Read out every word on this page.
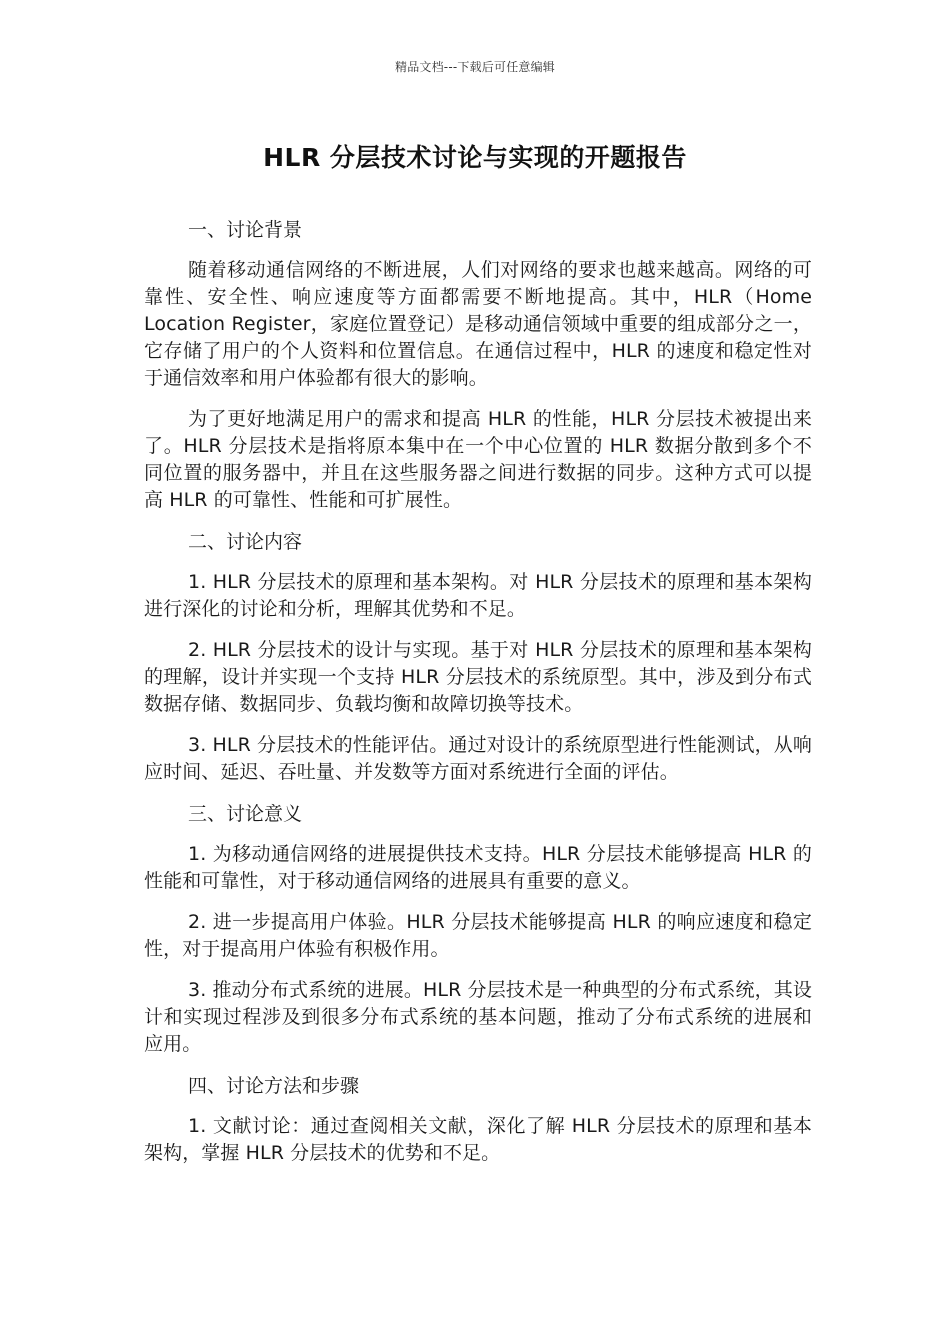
精品文档---下载后可任意编辑
HLR 分层技术讨论与实现的开题报告

一、讨论背景

随着移动通信网络的不断进展，人们对网络的要求也越来越高。网络的可靠性、安全性、响应速度等方面都需要不断地提高。其中，HLR（Home Location Register，家庭位置登记）是移动通信领域中重要的组成部分之一，它存储了用户的个人资料和位置信息。在通信过程中，HLR 的速度和稳定性对于通信效率和用户体验都有很大的影响。

为了更好地满足用户的需求和提高 HLR 的性能，HLR 分层技术被提出来了。HLR 分层技术是指将原本集中在一个中心位置的 HLR 数据分散到多个不同位置的服务器中，并且在这些服务器之间进行数据的同步。这种方式可以提高 HLR 的可靠性、性能和可扩展性。

二、讨论内容

1. HLR 分层技术的原理和基本架构。对 HLR 分层技术的原理和基本架构进行深化的讨论和分析，理解其优势和不足。

2. HLR 分层技术的设计与实现。基于对 HLR 分层技术的原理和基本架构的理解，设计并实现一个支持 HLR 分层技术的系统原型。其中，涉及到分布式数据存储、数据同步、负载均衡和故障切换等技术。

3. HLR 分层技术的性能评估。通过对设计的系统原型进行性能测试，从响应时间、延迟、吞吐量、并发数等方面对系统进行全面的评估。

三、讨论意义

1. 为移动通信网络的进展提供技术支持。HLR 分层技术能够提高 HLR 的性能和可靠性，对于移动通信网络的进展具有重要的意义。

2. 进一步提高用户体验。HLR 分层技术能够提高 HLR 的响应速度和稳定性，对于提高用户体验有积极作用。

3. 推动分布式系统的进展。HLR 分层技术是一种典型的分布式系统，其设计和实现过程涉及到很多分布式系统的基本问题，推动了分布式系统的进展和应用。

四、讨论方法和步骤

1. 文献讨论：通过查阅相关文献，深化了解 HLR 分层技术的原理和基本架构，掌握 HLR 分层技术的优势和不足。
